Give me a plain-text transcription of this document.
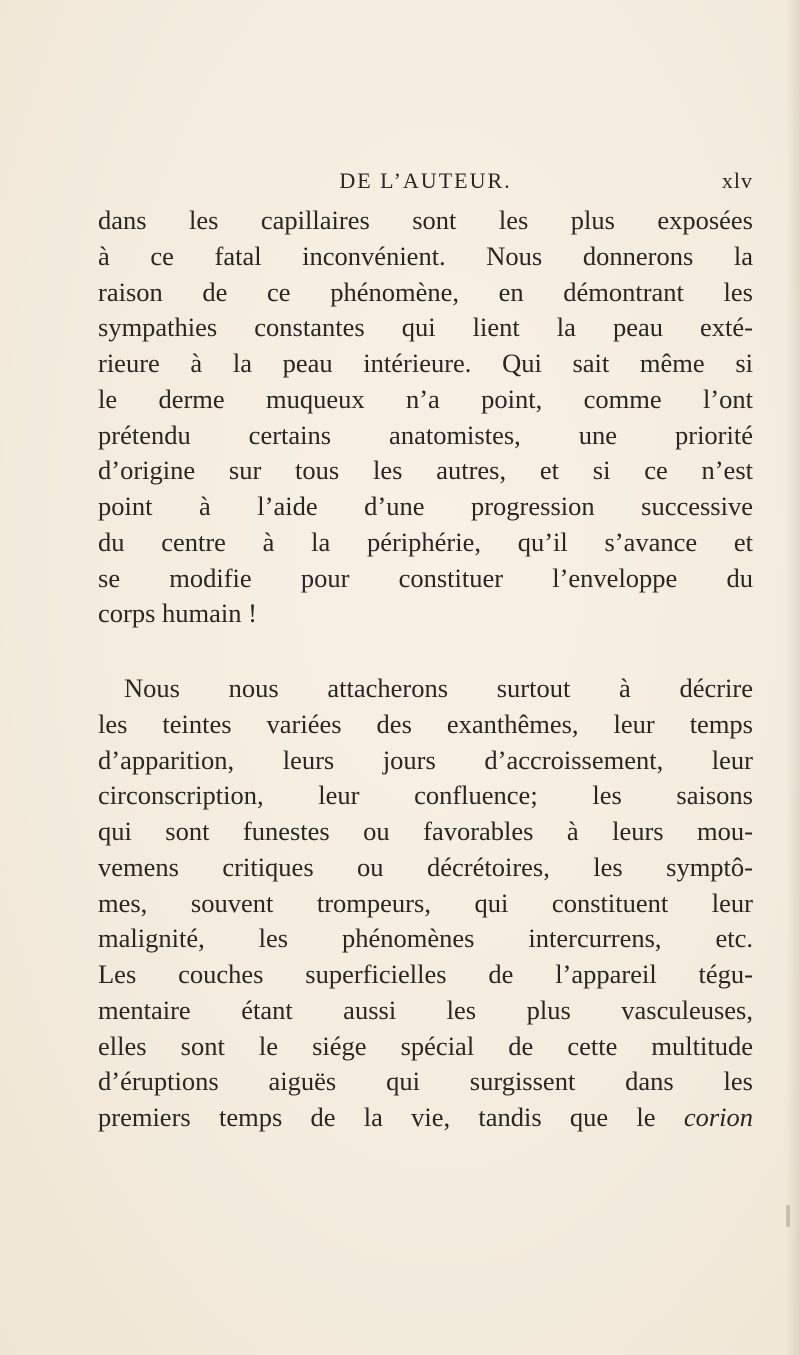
DE L’AUTEUR.	xlv
dans les capillaires sont les plus exposées
à ce fatal inconvénient. Nous donnerons la
raison de ce phénomène, en démontrant les
sympathies constantes qui lient la peau exté-
rieure à la peau intérieure. Qui sait même si
le derme muqueux n’a point, comme l’ont
prétendu certains anatomistes, une priorité
d’origine sur tous les autres, et si ce n’est
point à l’aide d’une progression successive
du centre à la périphérie, qu’il s’avance et
se modifie pour constituer l’enveloppe du
corps humain !
Nous nous attacherons surtout à décrire
les teintes variées des exanthêmes, leur temps
d’apparition, leurs jours d’accroissement, leur
circonscription, leur confluence; les saisons
qui sont funestes ou favorables à leurs mou-
vemens critiques ou décrétoires, les symptô-
mes, souvent trompeurs, qui constituent leur
malignité, les phénomènes intercurrens, etc.
Les couches superficielles de l’appareil tégu-
mentaire étant aussi les plus vasculeuses,
elles sont le siége spécial de cette multitude
d’éruptions aiguës qui surgissent dans les
premiers temps de la vie, tandis que le corion
